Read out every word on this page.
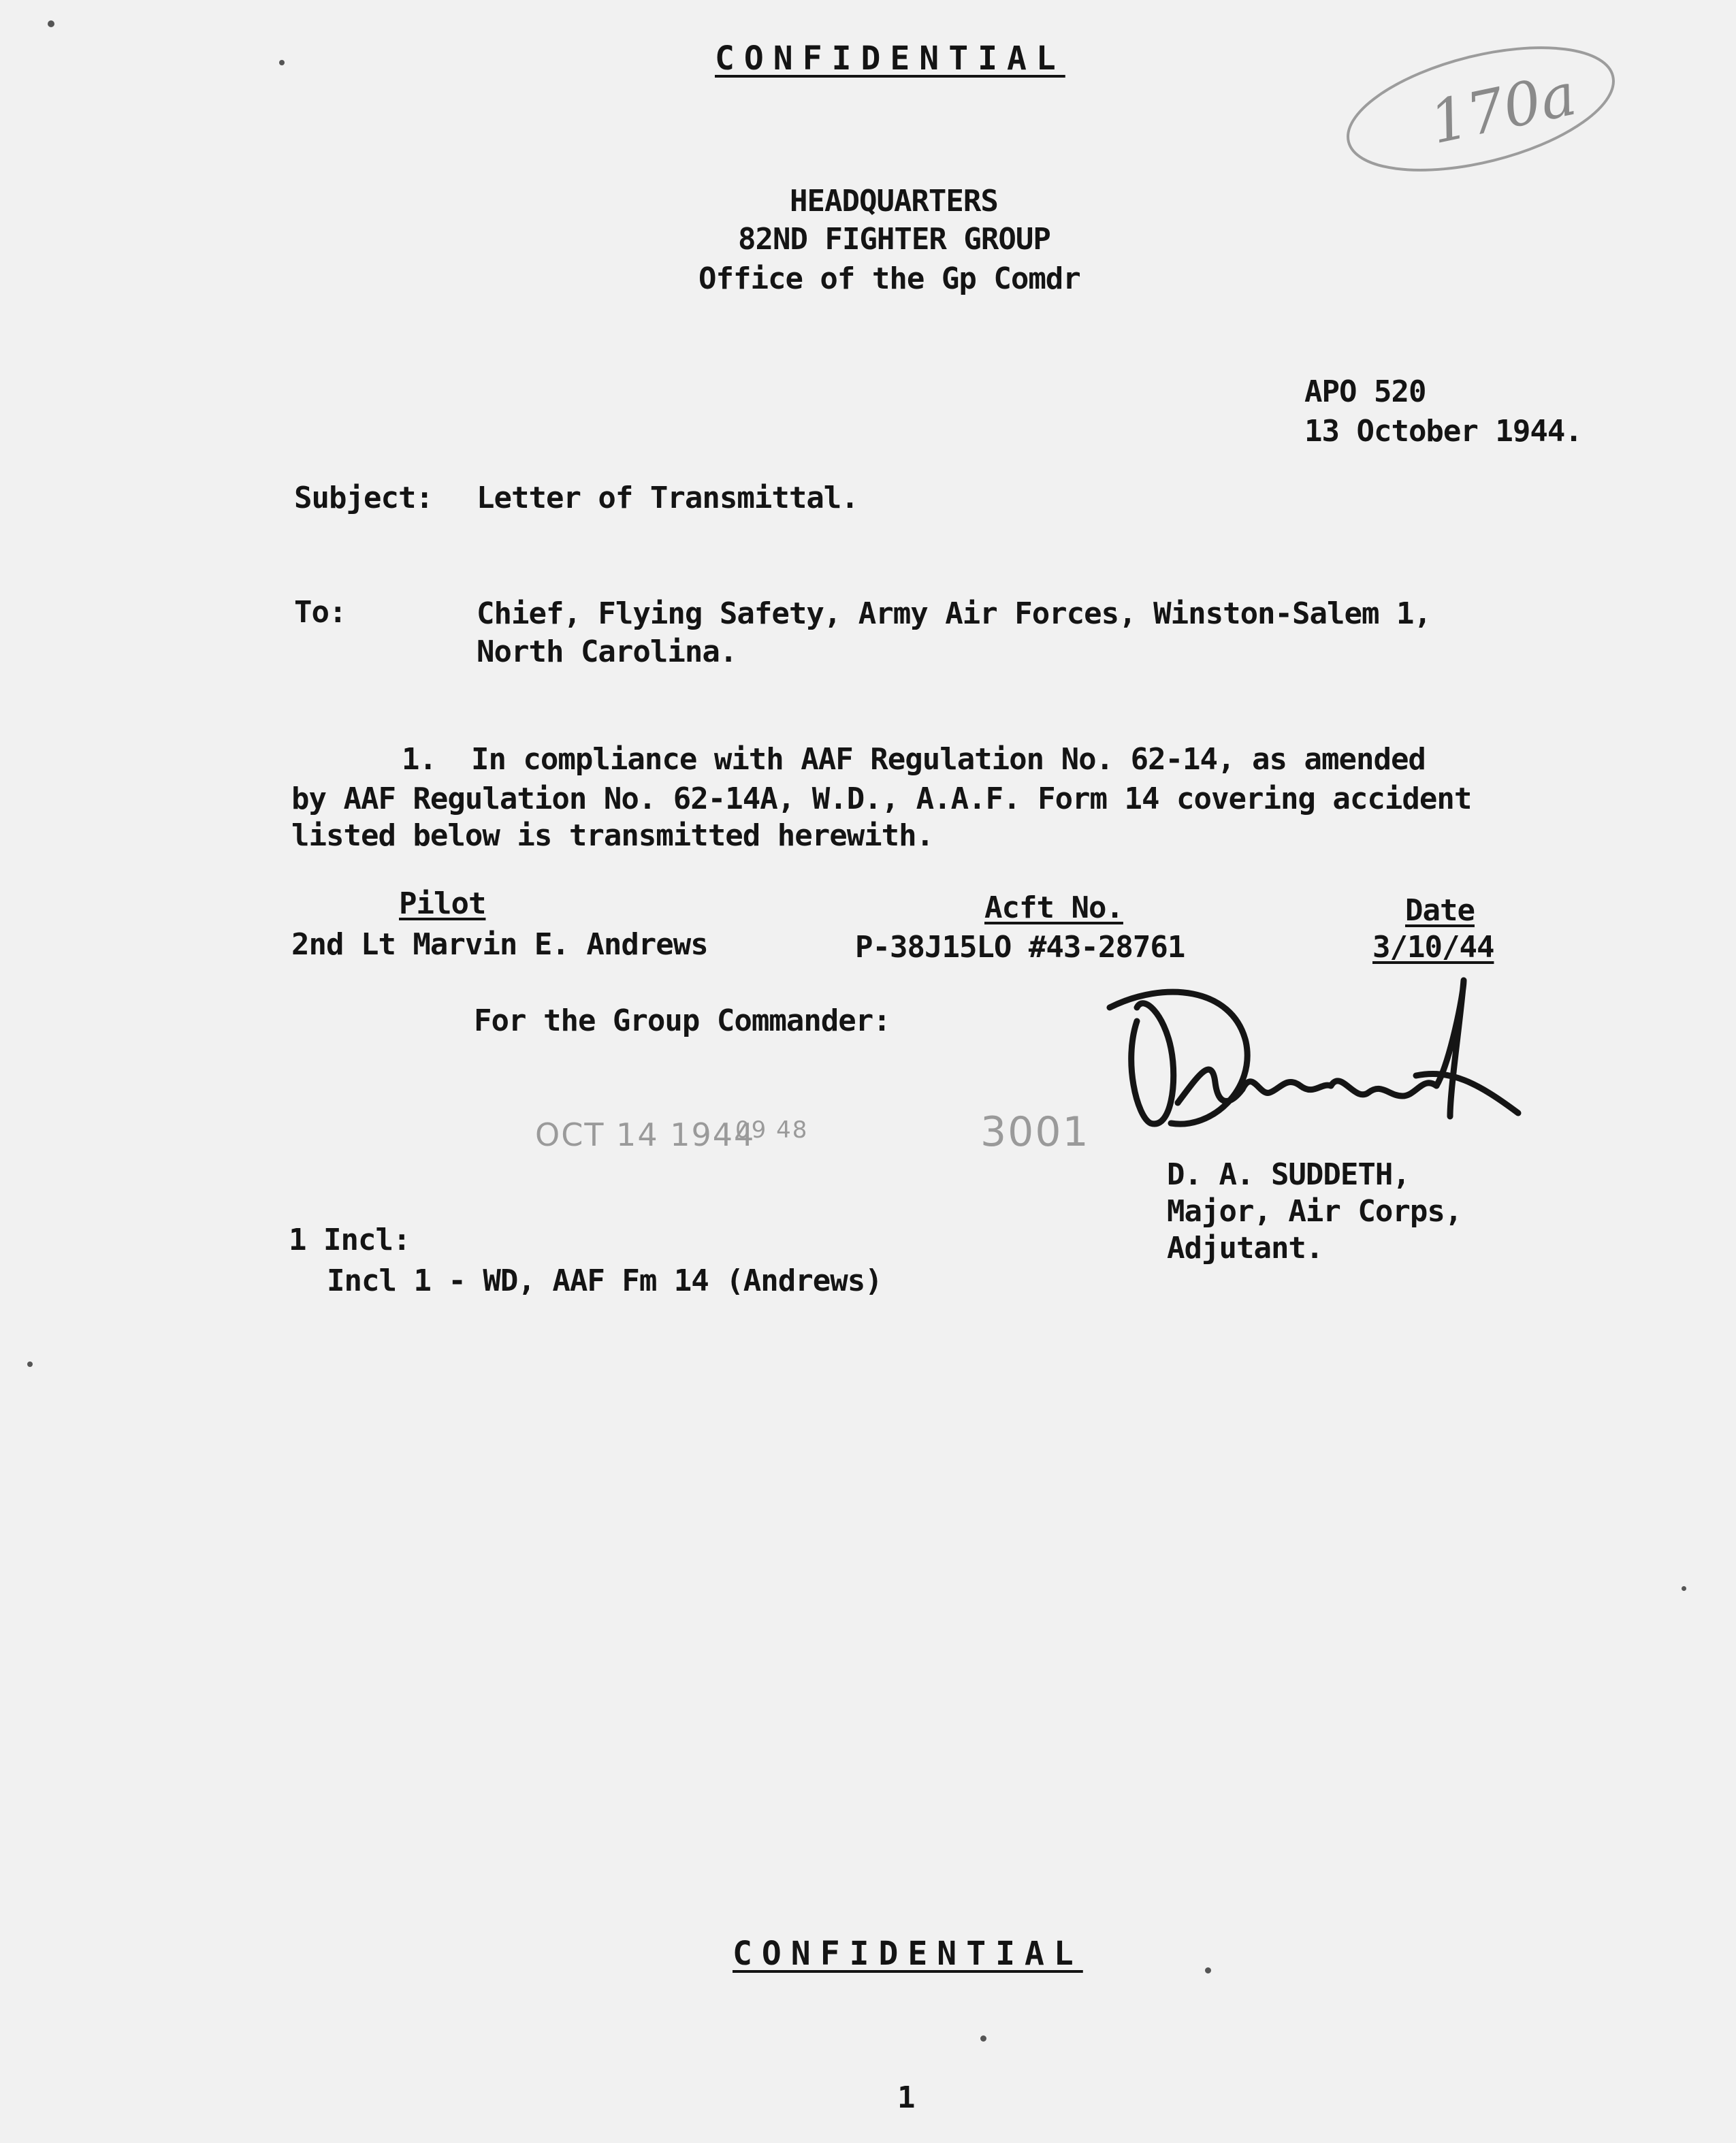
CONFIDENTIAL
170a
HEADQUARTERS
82ND FIGHTER GROUP
Office of the Gp Comdr
APO 520
13 October 1944.
Subject: Letter of Transmittal.
To:	Chief, Flying Safety, Army Air Forces, Winston-Salem 1,
North Carolina.
1.  In compliance with AAF Regulation No. 62-14, as amended
by AAF Regulation No. 62-14A, W.D., A.A.F. Form 14 covering accident
listed below is transmitted herewith.
Pilot	Acft No.	Date
2nd Lt Marvin E. Andrews	P-38J15LO #43-28761	3/10/44
For the Group Commander:
OCT 14 1944
09 48	3001
D. A. SUDDETH,
Major, Air Corps,
Adjutant.
1 Incl:
Incl 1 - WD, AAF Fm 14 (Andrews)
CONFIDENTIAL
1
